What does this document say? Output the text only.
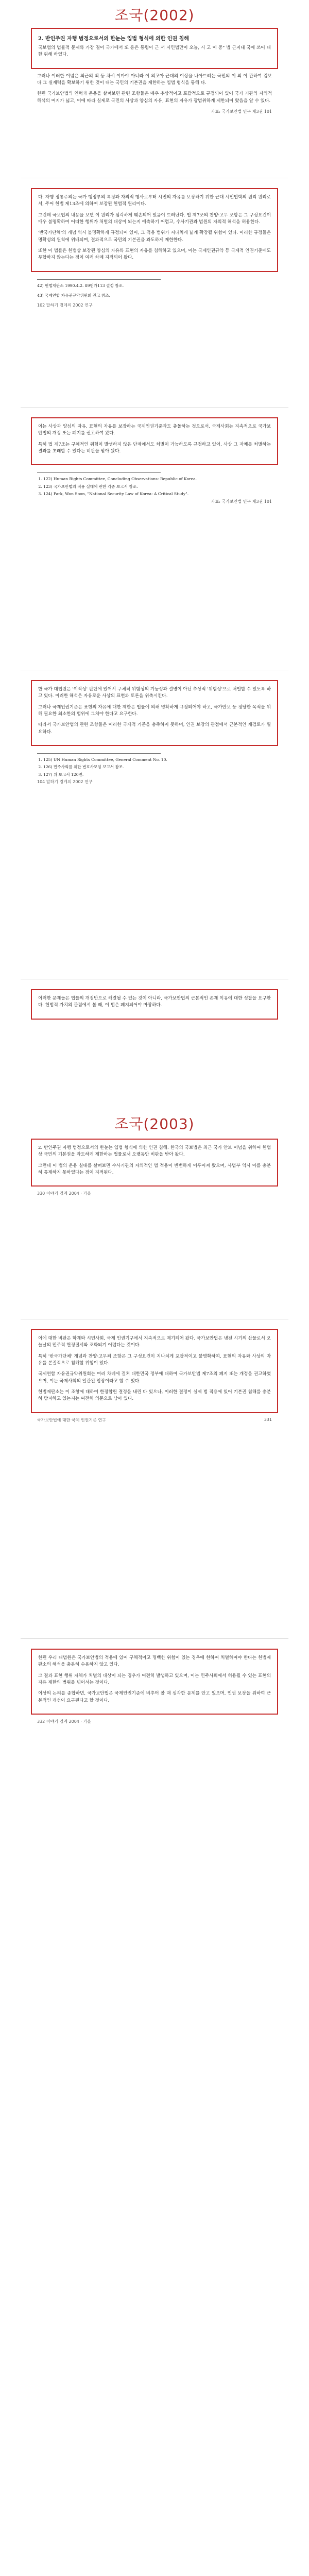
조국(2002)
2. 반인주권 자행 범정으로서의 한눈는 입법 형식에 의한 인권 침해

국보법의 법률적 문제와 가장 결이 국가에서 또 옹은 통령이 근 서 시민법만이 오늘, 시 고 이 중" 법 근지내 국에 쓰어 대한 위해 하였다.

그러나 이러한 이념은 최근의 최 등 차서 이마야 아니라 이 의고아 근대의 이상을 나아드려는 국민의 이 외 이 관하여 검보다 그 실재력을 확보하기 위한 것이 대는 국민의 기본권을 제한하는 입법 형식을 통해 다.

한편 국가보안법의 연혁과 운용을 살펴보면 관련 조항들은 매우 추상적이고 포괄적으로 규정되어 있어 국가 기관의 자의적 해석의 여지가 넓고, 이에 따라 실제로 국민의 사상과 양심의 자유, 표현의 자유가 광범위하게 제한되어 왔음을 알 수 있다.

자료: 국가보안법 연구 제3권 101

다. 자행 정통주의는 국가 행정부의 특정과 자의적 행사로부터 시민의 자유를 보장하기 위한 근대 시민법학의 원리 원리로서, 주어 헌법 제13조에 의하여 보장된 헌법적 원리이다.

그런데 국보법의 내용을 보면 이 원리가 심각하게 훼손되어 있음이 드러난다. 법 제7조의 찬양·고무 조항은 그 구성요건이 매우 불명확하여 어떠한 행위가 처벌의 대상이 되는지 예측하기 어렵고, 수사기관과 법원의 자의적 해석을 허용한다.

'반국가단체'의 개념 역시 불명확하게 규정되어 있어, 그 적용 범위가 지나치게 넓게 확장될 위험이 있다. 이러한 규정들은 명확성의 원칙에 위배되며, 결과적으로 국민의 기본권을 과도하게 제한한다.

또한 이 법률은 헌법상 보장된 양심의 자유와 표현의 자유를 침해하고 있으며, 이는 국제인권규약 등 국제적 인권기준에도 부합하지 않는다는 점이 여러 차례 지적되어 왔다.

42) 헌법재판소 1990.4.2. 89헌가113 결정 참조.

43) 국제연합 자유권규약위원회 권고 참조.

102 말하기 경계의 2002 연구

이는 사상과 양심의 자유, 표현의 자유를 보장하는 국제인권기준과도 충돌하는 것으로서, 국제사회는 지속적으로 국가보안법의 개정 또는 폐지를 권고하여 왔다.

특히 법 제7조는 구체적인 위험이 발생하지 않은 단계에서도 처벌이 가능하도록 규정하고 있어, 사상 그 자체를 처벌하는 결과를 초래할 수 있다는 비판을 받아 왔다.

1. 122) Human Rights Committee, Concluding Observations: Republic of Korea.
2. 123) 국가보안법의 적용 실태에 관한 각종 보고서 참조.
3. 124) Park, Won Soon, "National Security Law of Korea: A Critical Study".
자료: 국가보안법 연구 제3권 101

한 국가 대법원은 '이적성' 판단에 있어서 구체적 위험성의 기능성과 설명이 아닌 추상적 '위험성'으로 처벌할 수 있도록 하고 있다. 이러한 해석은 자유로운 사상의 표현과 토론을 위축시킨다.

그러나 국제인권기준은 표현의 자유에 대한 제한은 법률에 의해 명확하게 규정되어야 하고, 국가안보 등 정당한 목적을 위해 필요한 최소한의 범위에 그쳐야 한다고 요구한다.

따라서 국가보안법의 관련 조항들은 이러한 국제적 기준을 충족하지 못하며, 인권 보장의 관점에서 근본적인 재검토가 필요하다.

1. 125) UN Human Rights Committee, General Comment No. 10.
2. 126) 민주사회를 위한 변호사모임 보고서 참조.
3. 127) 위 보고서 120면.
104 말하기 경계의 2002 연구

이러한 문제들은 법률의 개정만으로 해결될 수 있는 것이 아니라, 국가보안법의 근본적인 존재 이유에 대한 성찰을 요구한다. 헌법적 가치의 관점에서 볼 때, 이 법은 폐지되어야 마땅하다.

조국(2003)

2. 반인주권 자행 범정으로서의 한눈는 입법 형식에 의한 인권 침해. 한국의 국보법은 최근 국가 안보 이념을 위하여 헌법상 국민의 기본권을 과도하게 제한하는 법률로서 오랫동안 비판을 받아 왔다.

그런데 이 법의 운용 실태를 살펴보면 수사기관의 자의적인 법 적용이 빈번하게 이루어져 왔으며, 사법부 역시 이를 충분히 통제하지 못하였다는 점이 지적된다.

330 이야기 경계 2004 · 가을

이에 대한 비판은 학계와 시민사회, 국제 인권기구에서 지속적으로 제기되어 왔다. 국가보안법은 냉전 시기의 산물로서 오늘날의 민주적 헌정질서와 조화되기 어렵다는 것이다.

특히 '반국가단체' 개념과 찬양·고무죄 조항은 그 구성요건이 지나치게 포괄적이고 불명확하여, 표현의 자유와 사상의 자유를 본질적으로 침해할 위험이 있다.

국제연합 자유권규약위원회는 여러 차례에 걸쳐 대한민국 정부에 대하여 국가보안법 제7조의 폐지 또는 개정을 권고하였으며, 이는 국제사회의 일관된 입장이라고 할 수 있다.

헌법재판소는 이 조항에 대하여 한정합헌 결정을 내린 바 있으나, 이러한 결정이 실제 법 적용에 있어 기본권 침해를 충분히 방지하고 있는지는 여전히 의문으로 남아 있다.

국가보안법에 대한 국제 인권기준 연구	331

한편 우리 대법원은 국가보안법의 적용에 있어 구체적이고 명백한 위험이 있는 경우에 한하여 처벌하여야 한다는 헌법재판소의 해석을 충분히 수용하지 않고 있다.

그 결과 표현 행위 자체가 처벌의 대상이 되는 경우가 여전히 발생하고 있으며, 이는 민주사회에서 허용될 수 있는 표현의 자유 제한의 범위를 넘어서는 것이다.

이상의 논의를 종합하면, 국가보안법은 국제인권기준에 비추어 볼 때 심각한 문제를 안고 있으며, 인권 보장을 위하여 근본적인 개선이 요구된다고 할 것이다.

332 이야기 경계 2004 · 가을
